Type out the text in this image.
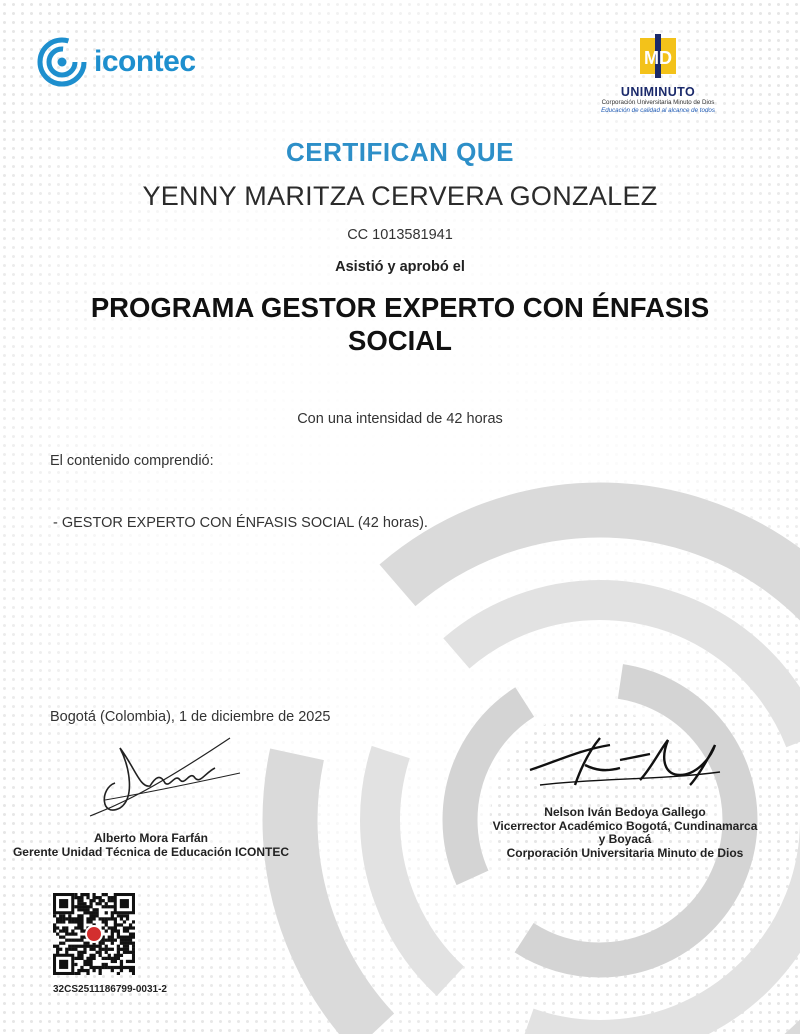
icontec	MD
UNIMINUTO
Corporación Universitaria Minuto de Dios
Educación de calidad al alcance de todos
CERTIFICAN QUE
YENNY MARITZA CERVERA GONZALEZ
CC 1013581941
Asistió y aprobó el
PROGRAMA GESTOR EXPERTO CON ÉNFASIS SOCIAL
Con una intensidad de 42 horas
El contenido comprendió:
- GESTOR EXPERTO CON ÉNFASIS SOCIAL (42 horas).
Bogotá (Colombia), 1 de diciembre de 2025
Alberto Mora Farfán
Gerente Unidad Técnica de Educación ICONTEC
Nelson Iván Bedoya Gallego
Vicerrector Académico Bogotá, Cundinamarca
y Boyacá
Corporación Universitaria Minuto de Dios
32CS2511186799-0031-2
